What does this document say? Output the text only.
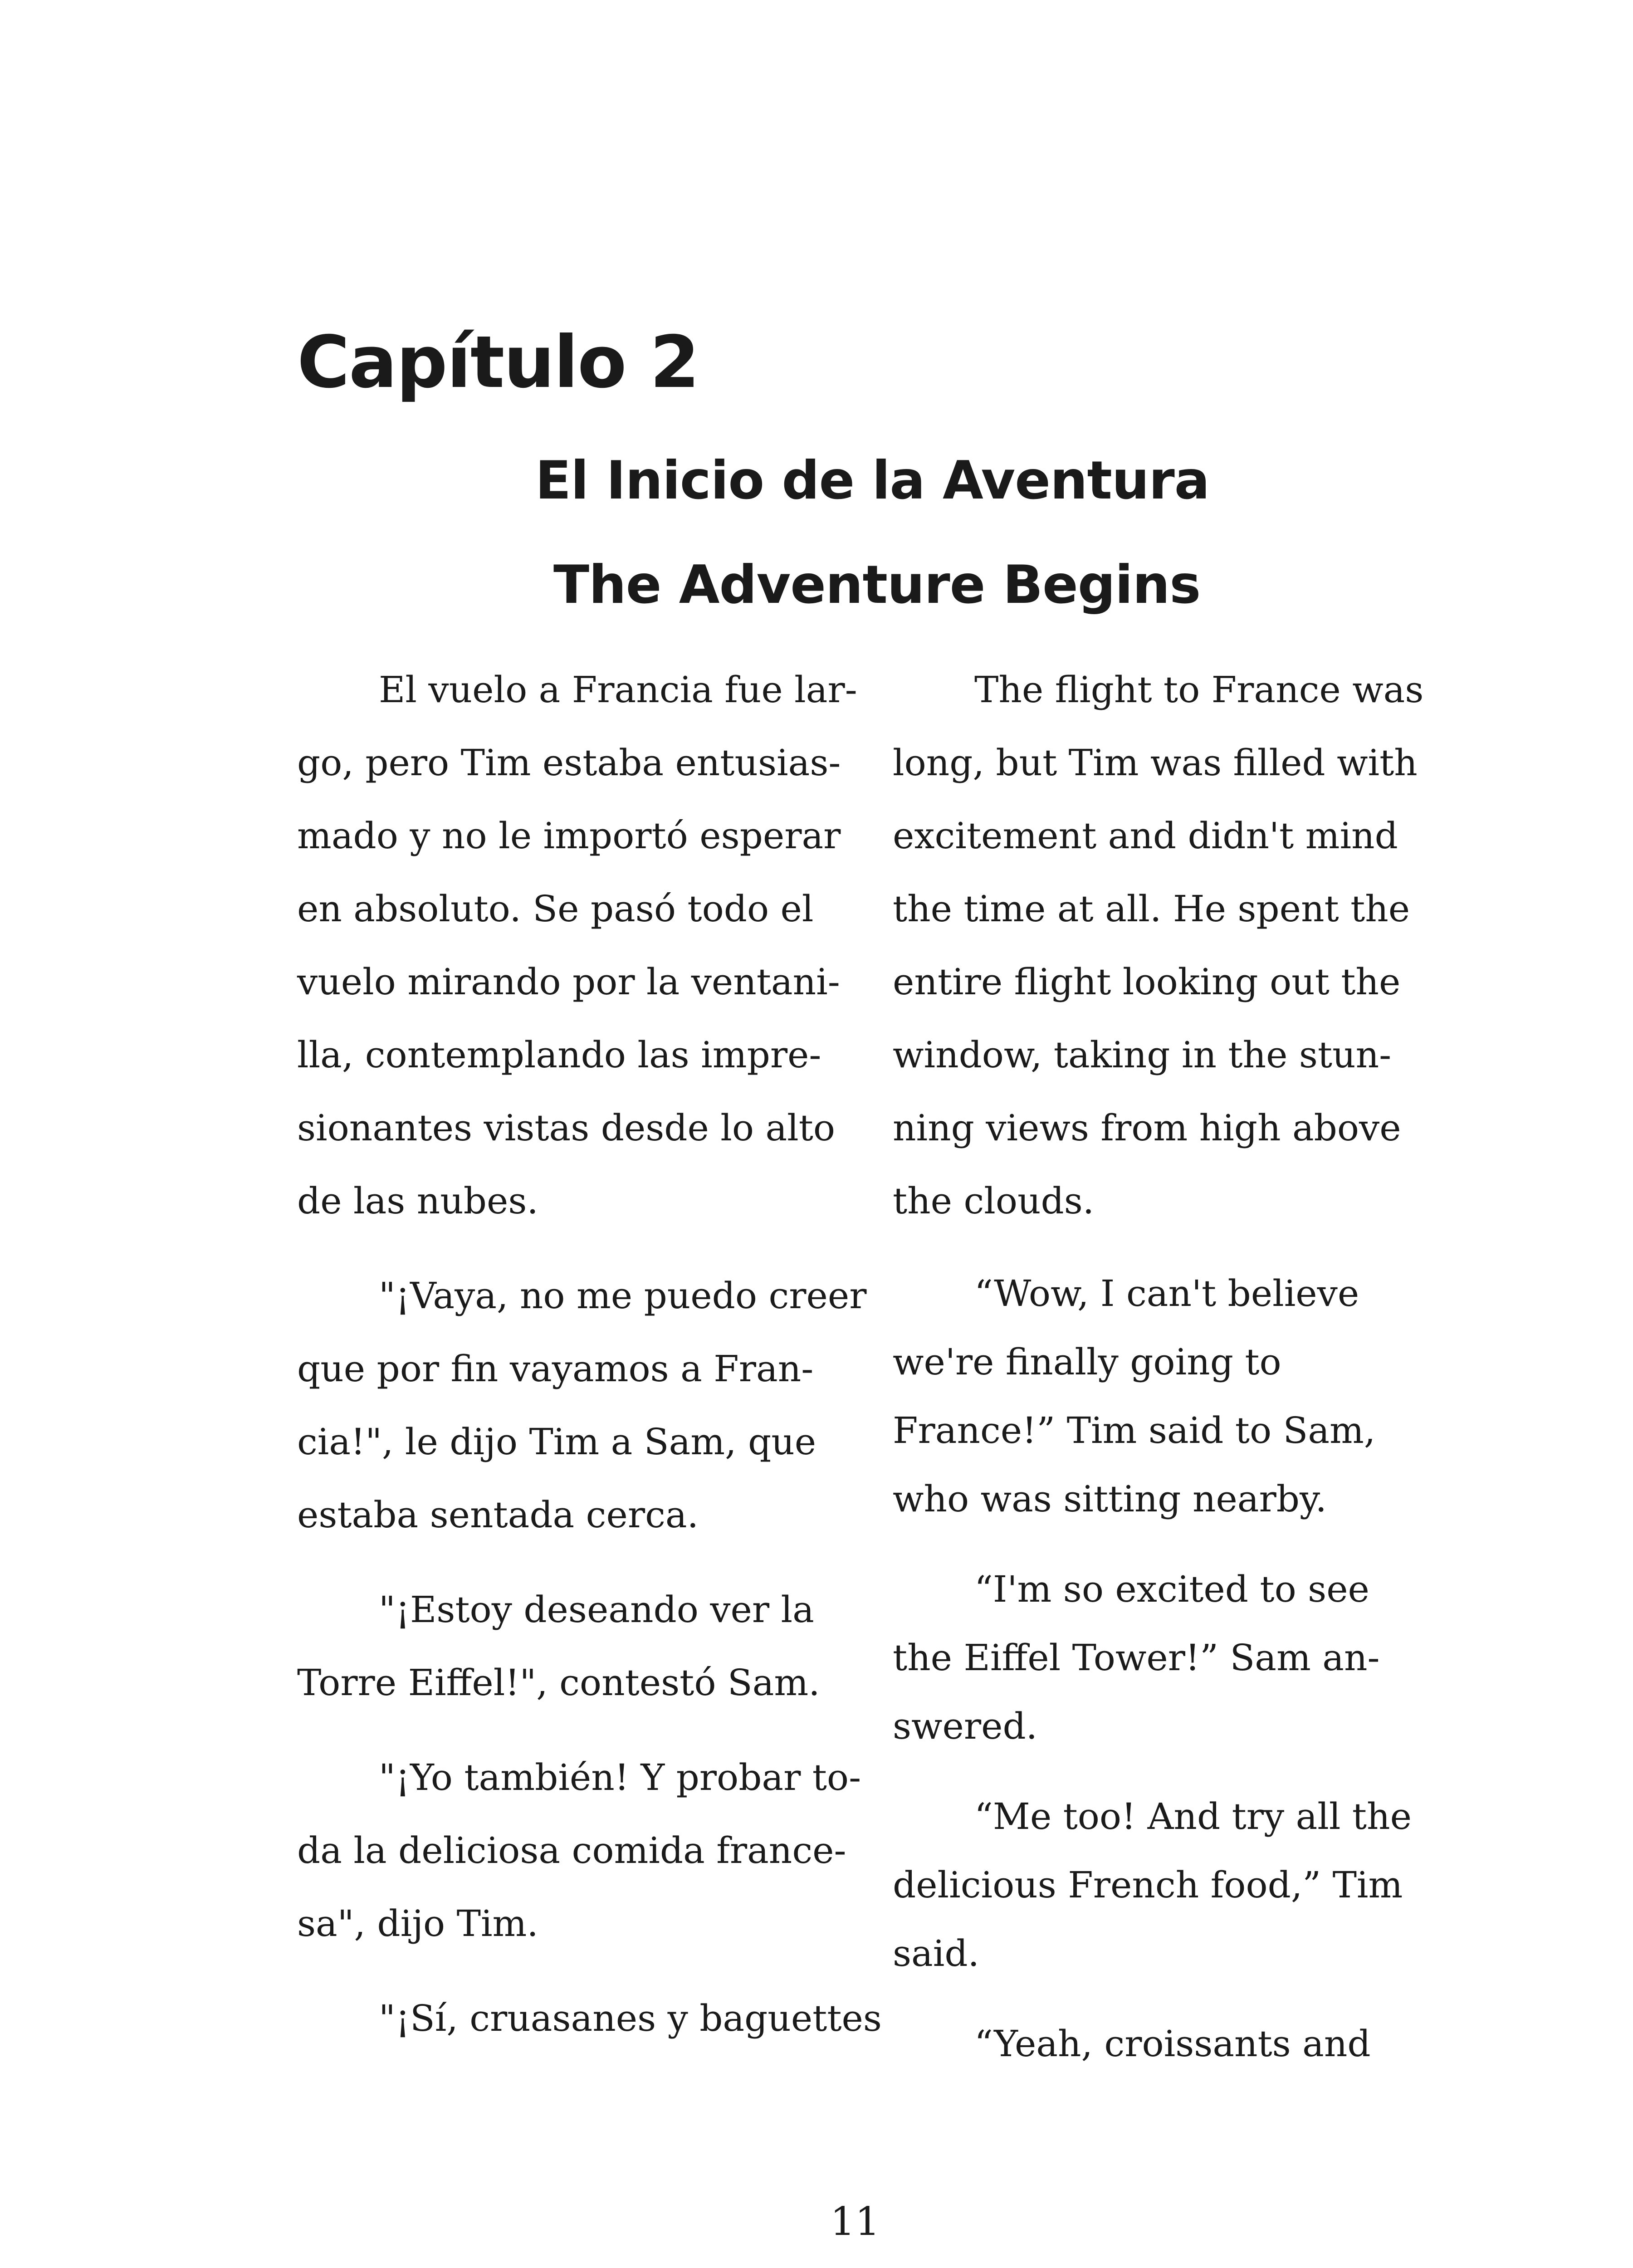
Capítulo 2
El Inicio de la Aventura
The Adventure Begins

El vuelo a Francia fue lar-
go, pero Tim estaba entusias-
mado y no le importó esperar
en absoluto. Se pasó todo el
vuelo mirando por la ventani-
lla, contemplando las impre-
sionantes vistas desde lo alto
de las nubes.

"¡Vaya, no me puedo creer
que por fin vayamos a Fran-
cia!", le dijo Tim a Sam, que
estaba sentada cerca.

"¡Estoy deseando ver la
Torre Eiffel!", contestó Sam.

"¡Yo también! Y probar to-
da la deliciosa comida france-
sa", dijo Tim.

"¡Sí, cruasanes y baguettes

The flight to France was
long, but Tim was filled with
excitement and didn't mind
the time at all. He spent the
entire flight looking out the
window, taking in the stun-
ning views from high above
the clouds.

“Wow, I can't believe
we're finally going to
France!” Tim said to Sam,
who was sitting nearby.

“I'm so excited to see
the Eiffel Tower!” Sam an-
swered.

“Me too! And try all the
delicious French food,” Tim
said.

“Yeah, croissants and

11
